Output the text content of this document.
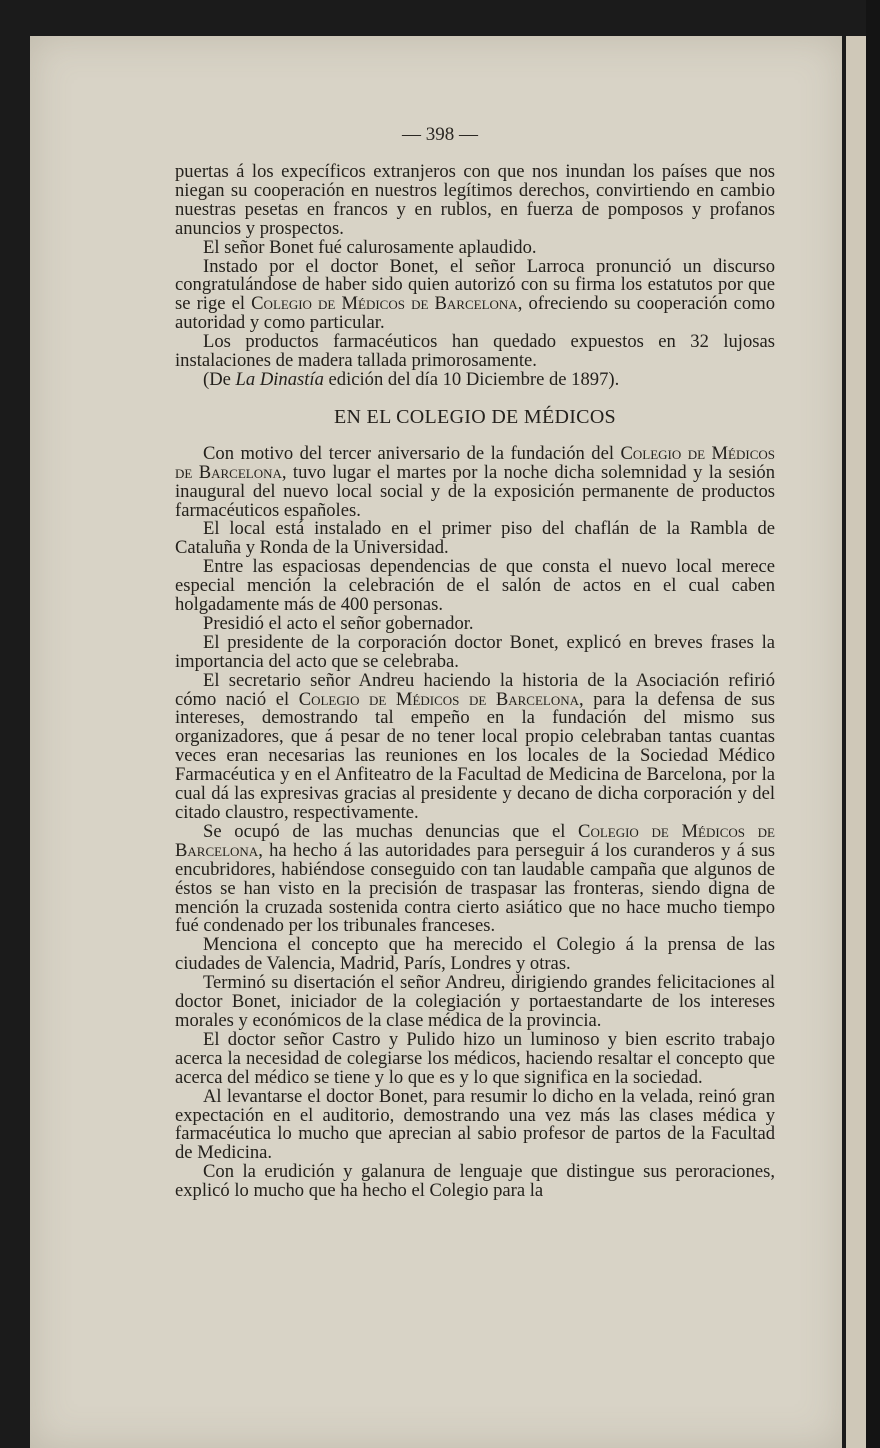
— 398 —

puertas á los expecíficos extranjeros con que nos inundan los países que nos niegan su cooperación en nuestros legítimos derechos, convirtiendo en cambio nuestras pesetas en francos y en rublos, en fuerza de pomposos y profanos anuncios y prospectos.

El señor Bonet fué calurosamente aplaudido.

Instado por el doctor Bonet, el señor Larroca pronunció un discurso congratulándose de haber sido quien autorizó con su firma los estatutos por que se rige el Colegio de Médicos de Barcelona, ofreciendo su cooperación como autoridad y como particular.

Los productos farmacéuticos han quedado expuestos en 32 lujosas instalaciones de madera tallada primorosamente.

(De La Dinastía edición del día 10 Diciembre de 1897).

EN EL COLEGIO DE MÉDICOS

Con motivo del tercer aniversario de la fundación del Colegio de Médicos de Barcelona, tuvo lugar el martes por la noche dicha solemnidad y la sesión inaugural del nuevo local social y de la exposición permanente de productos farmacéuticos españoles.

El local está instalado en el primer piso del chaflán de la Rambla de Cataluña y Ronda de la Universidad.

Entre las espaciosas dependencias de que consta el nuevo local merece especial mención la celebración de el salón de actos en el cual caben holgadamente más de 400 personas.

Presidió el acto el señor gobernador.

El presidente de la corporación doctor Bonet, explicó en breves frases la importancia del acto que se celebraba.

El secretario señor Andreu haciendo la historia de la Asociación refirió cómo nació el Colegio de Médicos de Barcelona, para la defensa de sus intereses, demostrando tal empeño en la fundación del mismo sus organizadores, que á pesar de no tener local propio celebraban tantas cuantas veces eran necesarias las reuniones en los locales de la Sociedad Médico Farmacéutica y en el Anfiteatro de la Facultad de Medicina de Barcelona, por la cual dá las expresivas gracias al presidente y decano de dicha corporación y del citado claustro, respectivamente.

Se ocupó de las muchas denuncias que el Colegio de Médicos de Barcelona, ha hecho á las autoridades para perseguir á los curanderos y á sus encubridores, habiéndose conseguido con tan laudable campaña que algunos de éstos se han visto en la precisión de traspasar las fronteras, siendo digna de mención la cruzada sostenida contra cierto asiático que no hace mucho tiempo fué condenado per los tribunales franceses.

Menciona el concepto que ha merecido el Colegio á la prensa de las ciudades de Valencia, Madrid, París, Londres y otras.

Terminó su disertación el señor Andreu, dirigiendo grandes felicitaciones al doctor Bonet, iniciador de la colegiación y portaestandarte de los intereses morales y económicos de la clase médica de la provincia.

El doctor señor Castro y Pulido hizo un luminoso y bien escrito trabajo acerca la necesidad de colegiarse los médicos, haciendo resaltar el concepto que acerca del médico se tiene y lo que es y lo que significa en la sociedad.

Al levantarse el doctor Bonet, para resumir lo dicho en la velada, reinó gran expectación en el auditorio, demostrando una vez más las clases médica y farmacéutica lo mucho que aprecian al sabio profesor de partos de la Facultad de Medicina.

Con la erudición y galanura de lenguaje que distingue sus peroraciones, explicó lo mucho que ha hecho el Colegio para la
